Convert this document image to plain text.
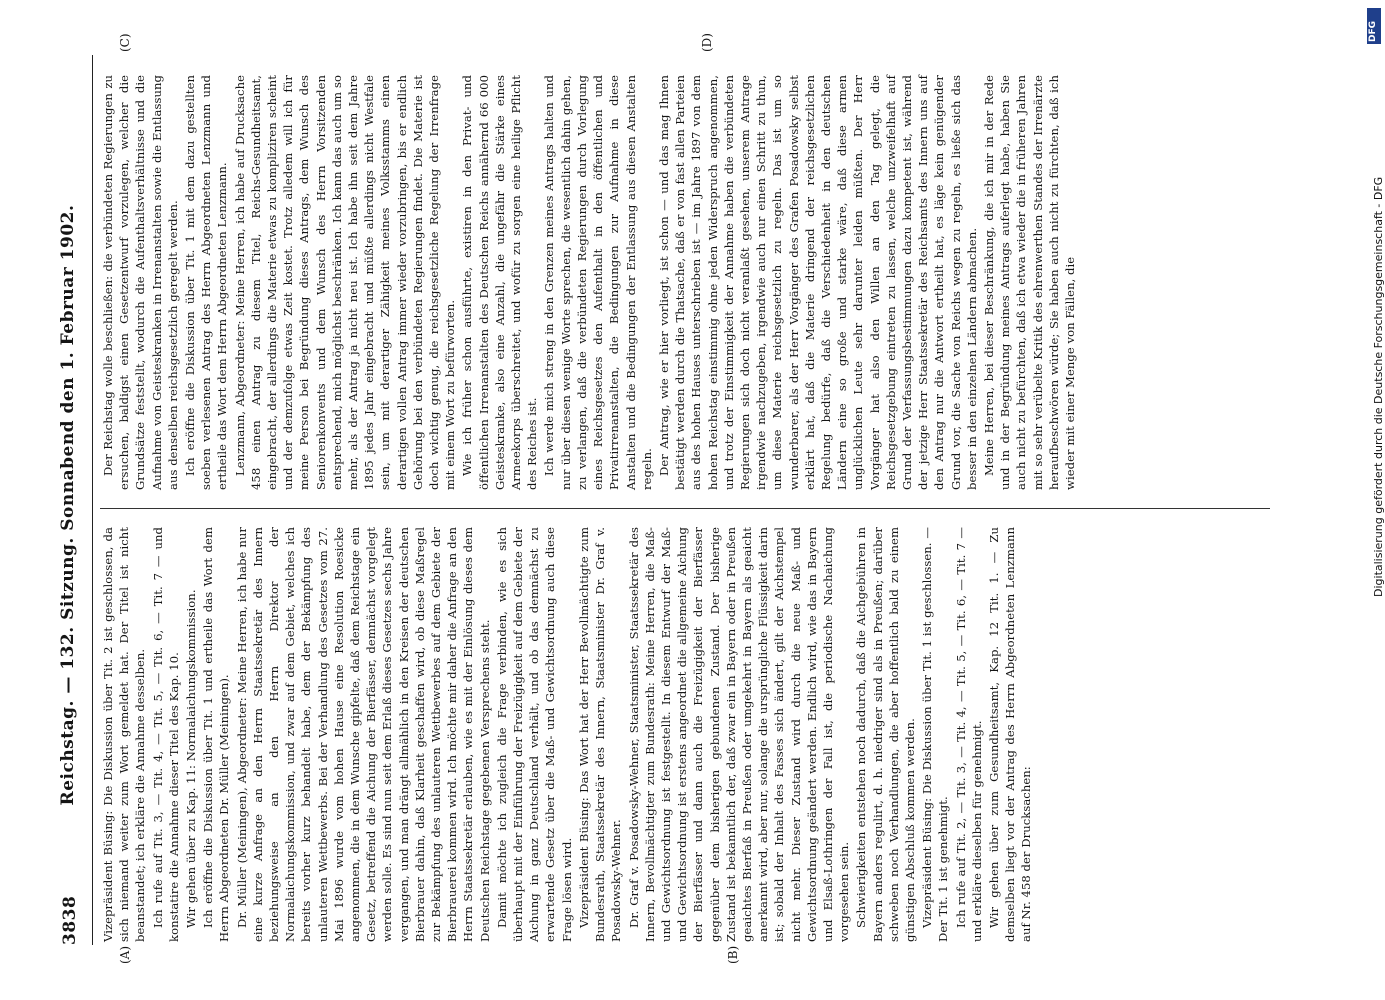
3838
Reichstag. — 132. Sitzung. Sonnabend den 1. Februar 1902.
(A)	(B)
(C)	(D)

Vizepräsident Büsing: Die Diskussion über Tit. 2 ist geschlossen, da sich niemand weiter zum Wort gemeldet hat. Der Titel ist nicht beanstandet; ich erkläre die Annahme desselben. Ich rufe auf Tit. 3, — Tit. 4, — Tit. 5, — Tit. 6, — Tit. 7 — und konstatire die Annahme dieser Titel des Kap. 10. Wir gehen über zu Kap. 11: Normalaichungskommission. Ich eröffne die Diskussion über Tit. 1 und ertheile das Wort dem Herrn Abgeordneten Dr. Müller (Meiningen). Dr. Müller (Meiningen), Abgeordneter: Meine Herren, ich habe nur eine kurze Anfrage an den Herrn Staatssekretär des Innern beziehungsweise an den Herrn Direktor der Normalaichungskommission, und zwar auf dem Gebiet, welches ich bereits vorher kurz behandelt habe, dem der Bekämpfung des unlauteren Wettbewerbs. Bei der Verhandlung des Gesetzes vom 27. Mai 1896 wurde vom hohen Hause eine Resolution Roesicke angenommen, die in dem Wunsche gipfelte, daß dem Reichstage ein Gesetz, betreffend die Aichung der Bierfässer, demnächst vorgelegt werden solle. Es sind nun seit dem Erlaß dieses Gesetzes sechs Jahre vergangen, und man drängt allmählich in den Kreisen der deutschen Bierbrauer dahin, daß Klarheit geschaffen wird, ob diese Maßregel zur Bekämpfung des unlauteren Wettbewerbes auf dem Gebiete der Bierbrauerei kommen wird. Ich möchte mir daher die Anfrage an den Herrn Staatssekretär erlauben, wie es mit der Einlösung dieses dem Deutschen Reichstage gegebenen Versprechens steht. Damit möchte ich zugleich die Frage verbinden, wie es sich überhaupt mit der Einführung der Freizügigkeit auf dem Gebiete der Aichung in ganz Deutschland verhält, und ob das demnächst zu erwartende Gesetz über die Maß- und Gewichtsordnung auch diese Frage lösen wird. Vizepräsident Büsing: Das Wort hat der Herr Bevollmächtigte zum Bundesrath, Staatssekretär des Innern, Staatsminister Dr. Graf v. Posadowsky-Wehner. Dr. Graf v. Posadowsky-Wehner, Staatsminister, Staatssekretär des Innern, Bevollmächtigter zum Bundesrath: Meine Herren, die Maß- und Gewichtsordnung ist festgestellt. In diesem Entwurf der Maß- und Gewichtsordnung ist erstens angeordnet die allgemeine Aichung der Bierfässer und dann auch die Freizügigkeit der Bierfässer gegenüber dem bisherigen gebundenen Zustand. Der bisherige Zustand ist bekanntlich der, daß zwar ein in Bayern oder in Preußen geaichtes Bierfaß in Preußen oder umgekehrt in Bayern als geaicht anerkannt wird, aber nur, solange die ursprüngliche Flüssigkeit darin ist; sobald der Inhalt des Fasses sich ändert, gilt der Aichstempel nicht mehr. Dieser Zustand wird durch die neue Maß- und Gewichtsordnung geändert werden. Endlich wird, wie das in Bayern und Elsaß-Lothringen der Fall ist, die periodische Nachaichung vorgesehen sein. Schwierigkeiten entstehen noch dadurch, daß die Aichgebühren in Bayern anders regulirt, d. h. niedriger sind als in Preußen; darüber schweben noch Verhandlungen, die aber hoffentlich bald zu einem günstigen Abschluß kommen werden. Vizepräsident Büsing: Die Diskussion über Tit. 1 ist geschlossen. — Der Tit. 1 ist genehmigt. Ich rufe auf Tit. 2, — Tit. 3, — Tit. 4, — Tit. 5, — Tit. 6, — Tit. 7 — und erkläre dieselben für genehmigt. Wir gehen über zum Gesundheitsamt, Kap. 12 Tit. 1. — Zu demselben liegt vor der Antrag des Herrn Abgeordneten Lenzmann auf Nr. 458 der Drucksachen:

Der Reichstag wolle beschließen: die verbündeten Regierungen zu ersuchen, baldigst einen Gesetzentwurf vorzulegen, welcher die Grundsätze feststellt, wodurch die Aufenthaltsverhältnisse und die Aufnahme von Geisteskranken in Irrenanstalten sowie die Entlassung aus denselben reichsgesetzlich geregelt werden. Ich eröffne die Diskussion über Tit. 1 mit dem dazu gestellten soeben verlesenen Antrag des Herrn Abgeordneten Lenzmann und ertheile das Wort dem Herrn Abgeordneten Lenzmann. Lenzmann, Abgeordneter: Meine Herren, ich habe auf Drucksache 458 einen Antrag zu diesem Titel, Reichs-Gesundheitsamt, eingebracht, der allerdings die Materie etwas zu kompliziren scheint und der demzufolge etwas Zeit kostet. Trotz alledem will ich für meine Person bei Begründung dieses Antrags, dem Wunsch des Seniorenkonvents und dem Wunsch des Herrn Vorsitzenden entsprechend, mich möglichst beschränken. Ich kann das auch um so mehr, als der Antrag ja nicht neu ist. Ich habe ihn seit dem Jahre 1895 jedes Jahr eingebracht und müßte allerdings nicht Westfale sein, um mit derartiger Zähigkeit meines Volksstamms einen derartigen vollen Antrag immer wieder vorzubringen, bis er endlich Gehörung bei den verbündeten Regierungen findet. Die Materie ist doch wichtig genug, die reichsgesetzliche Regelung der Irrenfrage mit einem Wort zu befürworten. Wie ich früher schon ausführte, existiren in den Privat- und öffentlichen Irrenanstalten des Deutschen Reichs annähernd 66 000 Geisteskranke, also eine Anzahl, die ungefähr die Stärke eines Armeekorps überschreitet, und wofür zu sorgen eine heilige Pflicht des Reiches ist. Ich werde mich streng in den Grenzen meines Antrags halten und nur über diesen wenige Worte sprechen, die wesentlich dahin gehen, zu verlangen, daß die verbündeten Regierungen durch Vorlegung eines Reichsgesetzes den Aufenthalt in den öffentlichen und Privatirrenanstalten, die Bedingungen zur Aufnahme in diese Anstalten und die Bedingungen der Entlassung aus diesen Anstalten regeln. Der Antrag, wie er hier vorliegt, ist schon — und das mag Ihnen bestätigt werden durch die Thatsache, daß er von fast allen Parteien aus des hohen Hauses unterschrieben ist — im Jahre 1897 von dem hohen Reichstag einstimmig ohne jeden Widerspruch angenommen, und trotz der Einstimmigkeit der Annahme haben die verbündeten Regierungen sich doch nicht veranlaßt gesehen, unserem Antrage irgendwie nachzugeben, irgendwie auch nur einen Schritt zu thun, um diese Materie reichsgesetzlich zu regeln. Das ist um so wunderbarer, als der Herr Vorgänger des Grafen Posadowsky selbst erklärt hat, daß die Materie dringend der reichsgesetzlichen Regelung bedürfe, daß die Verschiedenheit in den deutschen Ländern eine so große und starke wäre, daß diese armen unglücklichen Leute sehr darunter leiden müßten. Der Herr Vorgänger hat also den Willen an den Tag gelegt, die Reichsgesetzgebung eintreten zu lassen, welche unzweifelhaft auf Grund der Verfassungsbestimmungen dazu kompetent ist, während der jetzige Herr Staatssekretär des Reichsamts des Innern uns auf den Antrag nur die Antwort ertheilt hat, es läge kein genügender Grund vor, die Sache von Reichs wegen zu regeln, es ließe sich das besser in den einzelnen Ländern abmachen. Meine Herren, bei dieser Beschränkung, die ich mir in der Rede und in der Begründung meines Antrags auferlegt habe, haben Sie auch nicht zu befürchten, daß ich etwa wieder die in früheren Jahren mit so sehr verübelte Kritik des ehrenwerthen Standes der Irrenärzte heraufbeschwören würde; Sie haben auch nicht zu fürchten, daß ich wieder mit einer Menge von Fällen, die

DFG
Digitalisierung gefördert durch die Deutsche Forschungsgemeinschaft - DFG
